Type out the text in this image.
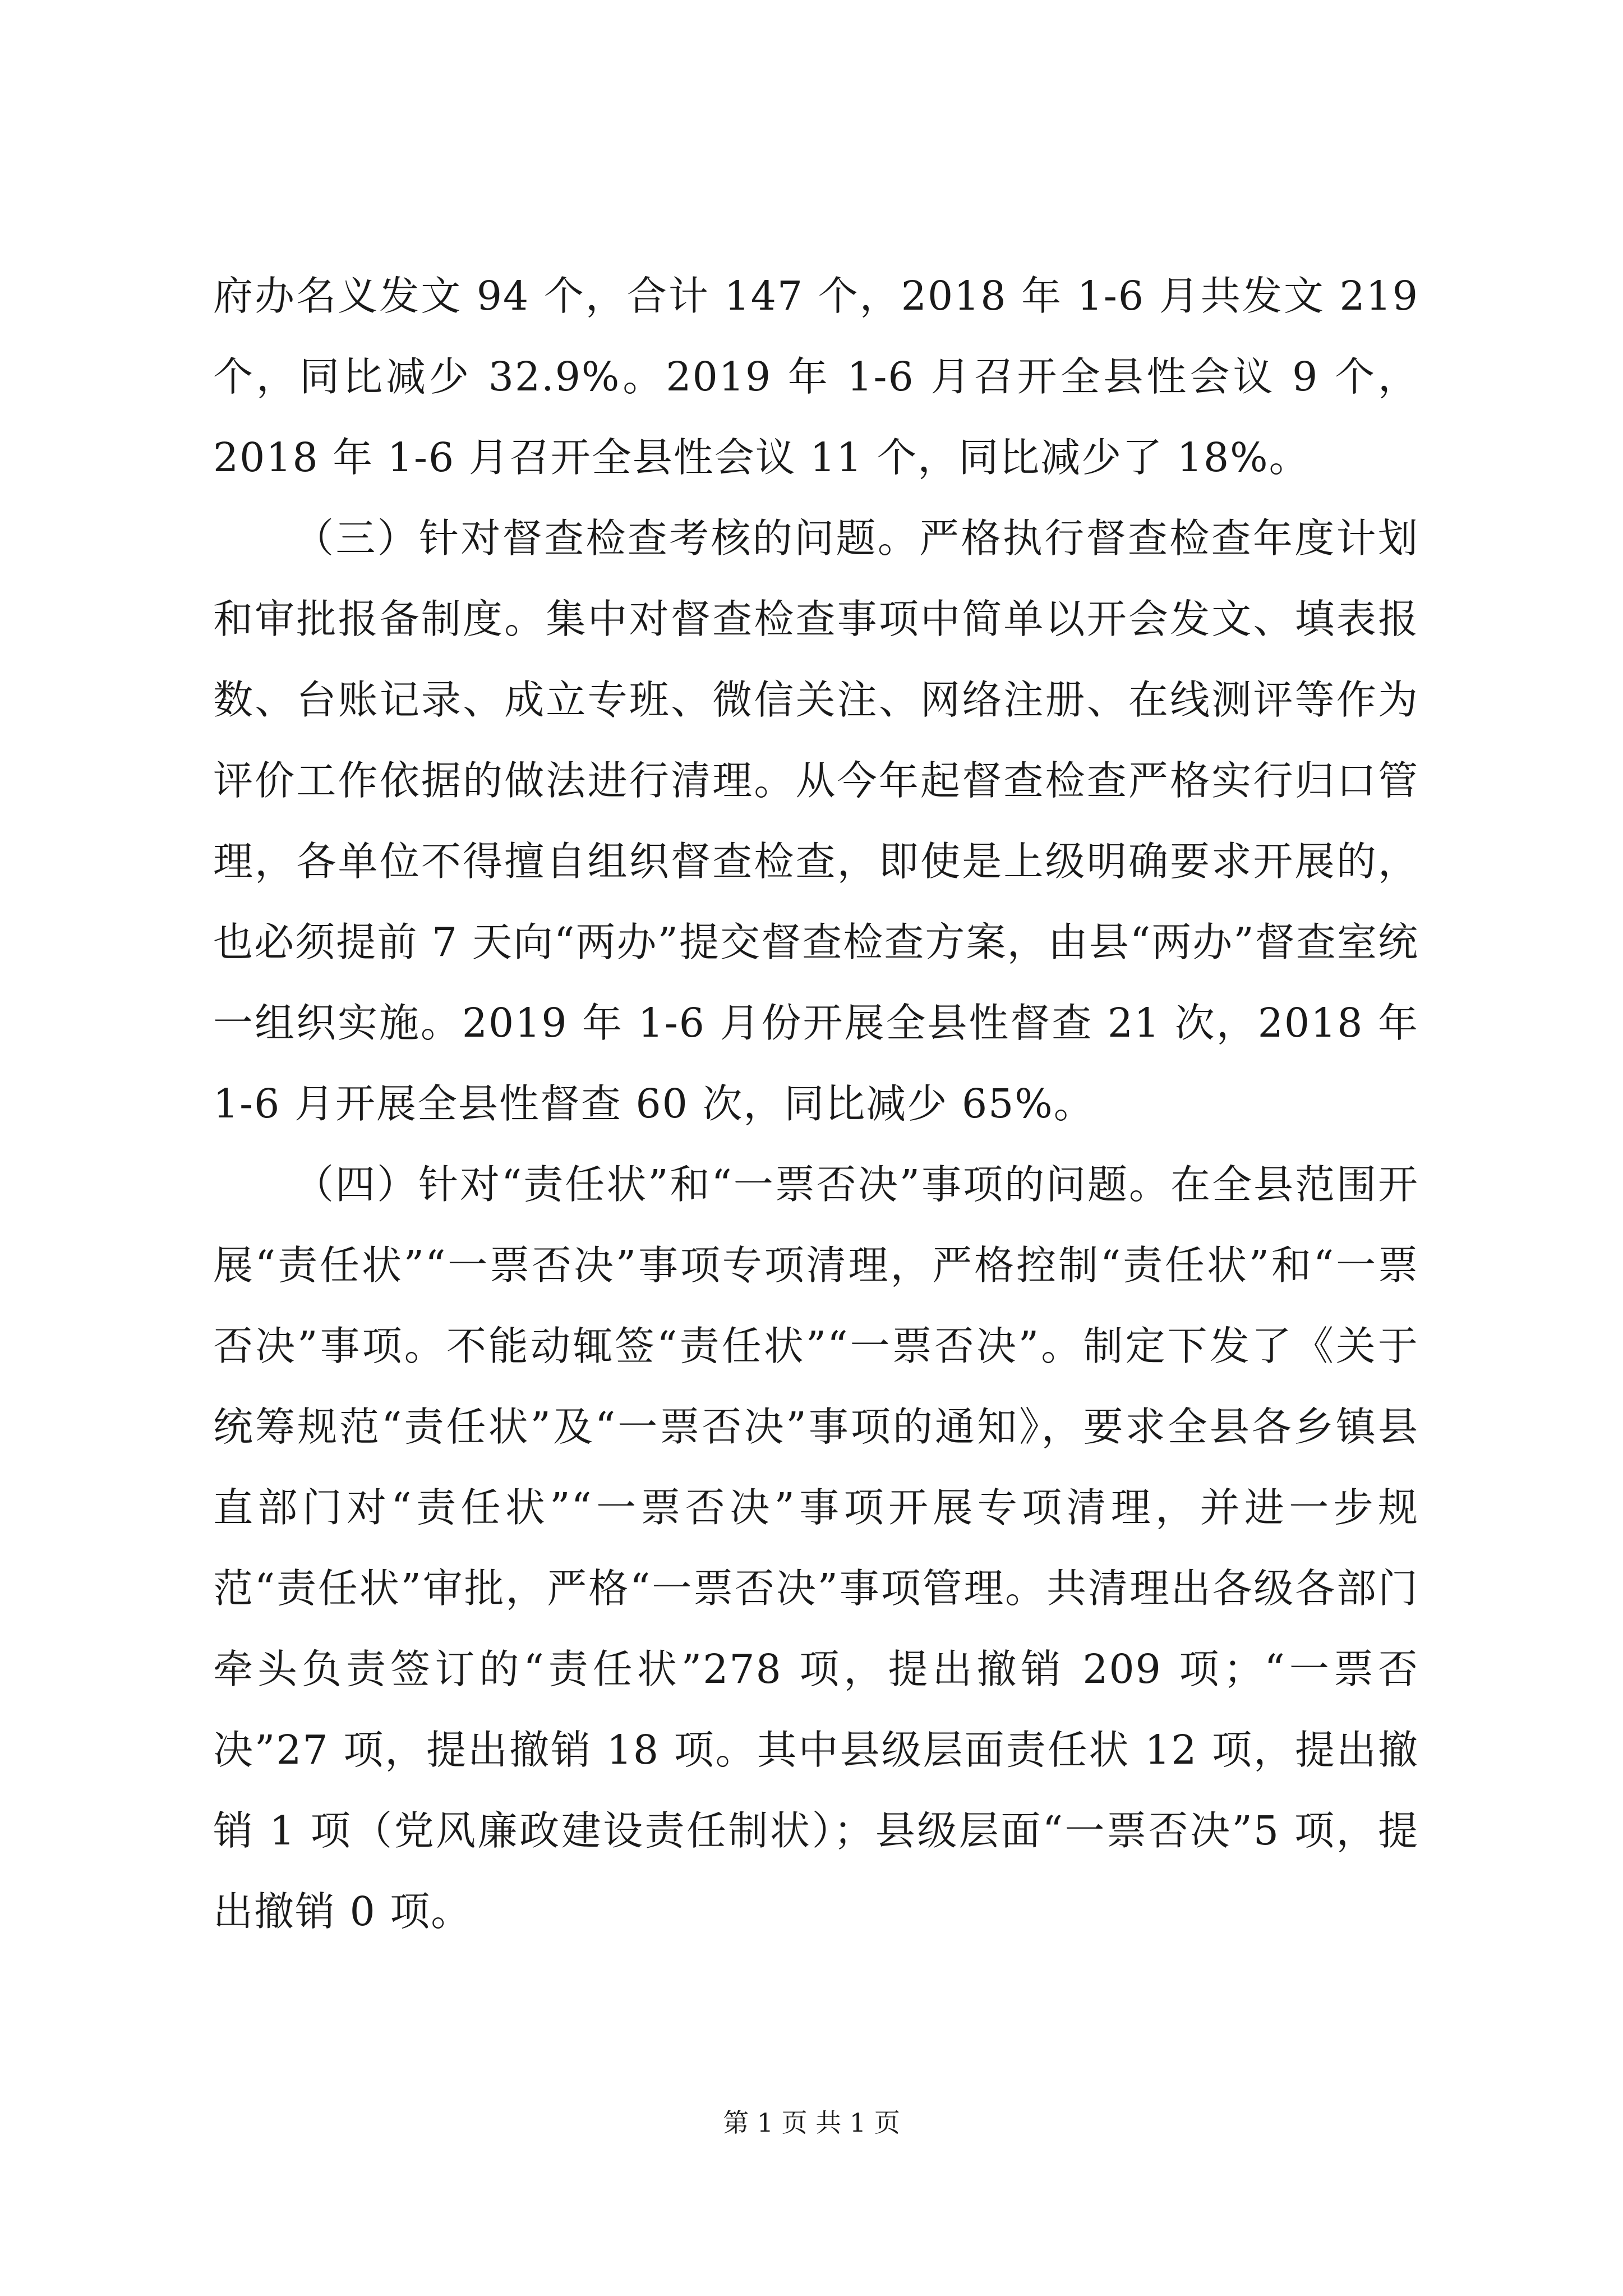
府办名义发文 94 个，合计 147 个，2018 年 1-6 月共发文 219 个，同比减少 32.9%。2019 年 1-6 月召开全县性会议 9 个，2018 年 1-6 月召开全县性会议 11 个，同比减少了 18%。

（三）针对督查检查考核的问题。严格执行督查检查年度计划和审批报备制度。集中对督查检查事项中简单以开会发文、填表报数、台账记录、成立专班、微信关注、网络注册、在线测评等作为评价工作依据的做法进行清理。从今年起督查检查严格实行归口管理，各单位不得擅自组织督查检查，即使是上级明确要求开展的，也必须提前 7 天向“两办”提交督查检查方案，由县“两办”督查室统一组织实施。2019 年 1-6 月份开展全县性督查 21 次，2018 年 1-6 月开展全县性督查 60 次，同比减少 65%。

（四）针对“责任状”和“一票否决”事项的问题。在全县范围开展“责任状”“一票否决”事项专项清理，严格控制“责任状”和“一票否决”事项。不能动辄签“责任状”“一票否决”。制定下发了《关于统筹规范“责任状”及“一票否决”事项的通知》，要求全县各乡镇县直部门对“责任状”“一票否决”事项开展专项清理，并进一步规范“责任状”审批，严格“一票否决”事项管理。共清理出各级各部门牵头负责签订的“责任状”278 项，提出撤销 209 项；“一票否决”27 项，提出撤销 18 项。其中县级层面责任状 12 项，提出撤销 1 项（党风廉政建设责任制状）；县级层面“一票否决”5 项，提出撤销 0 项。

第 1 页 共 1 页
